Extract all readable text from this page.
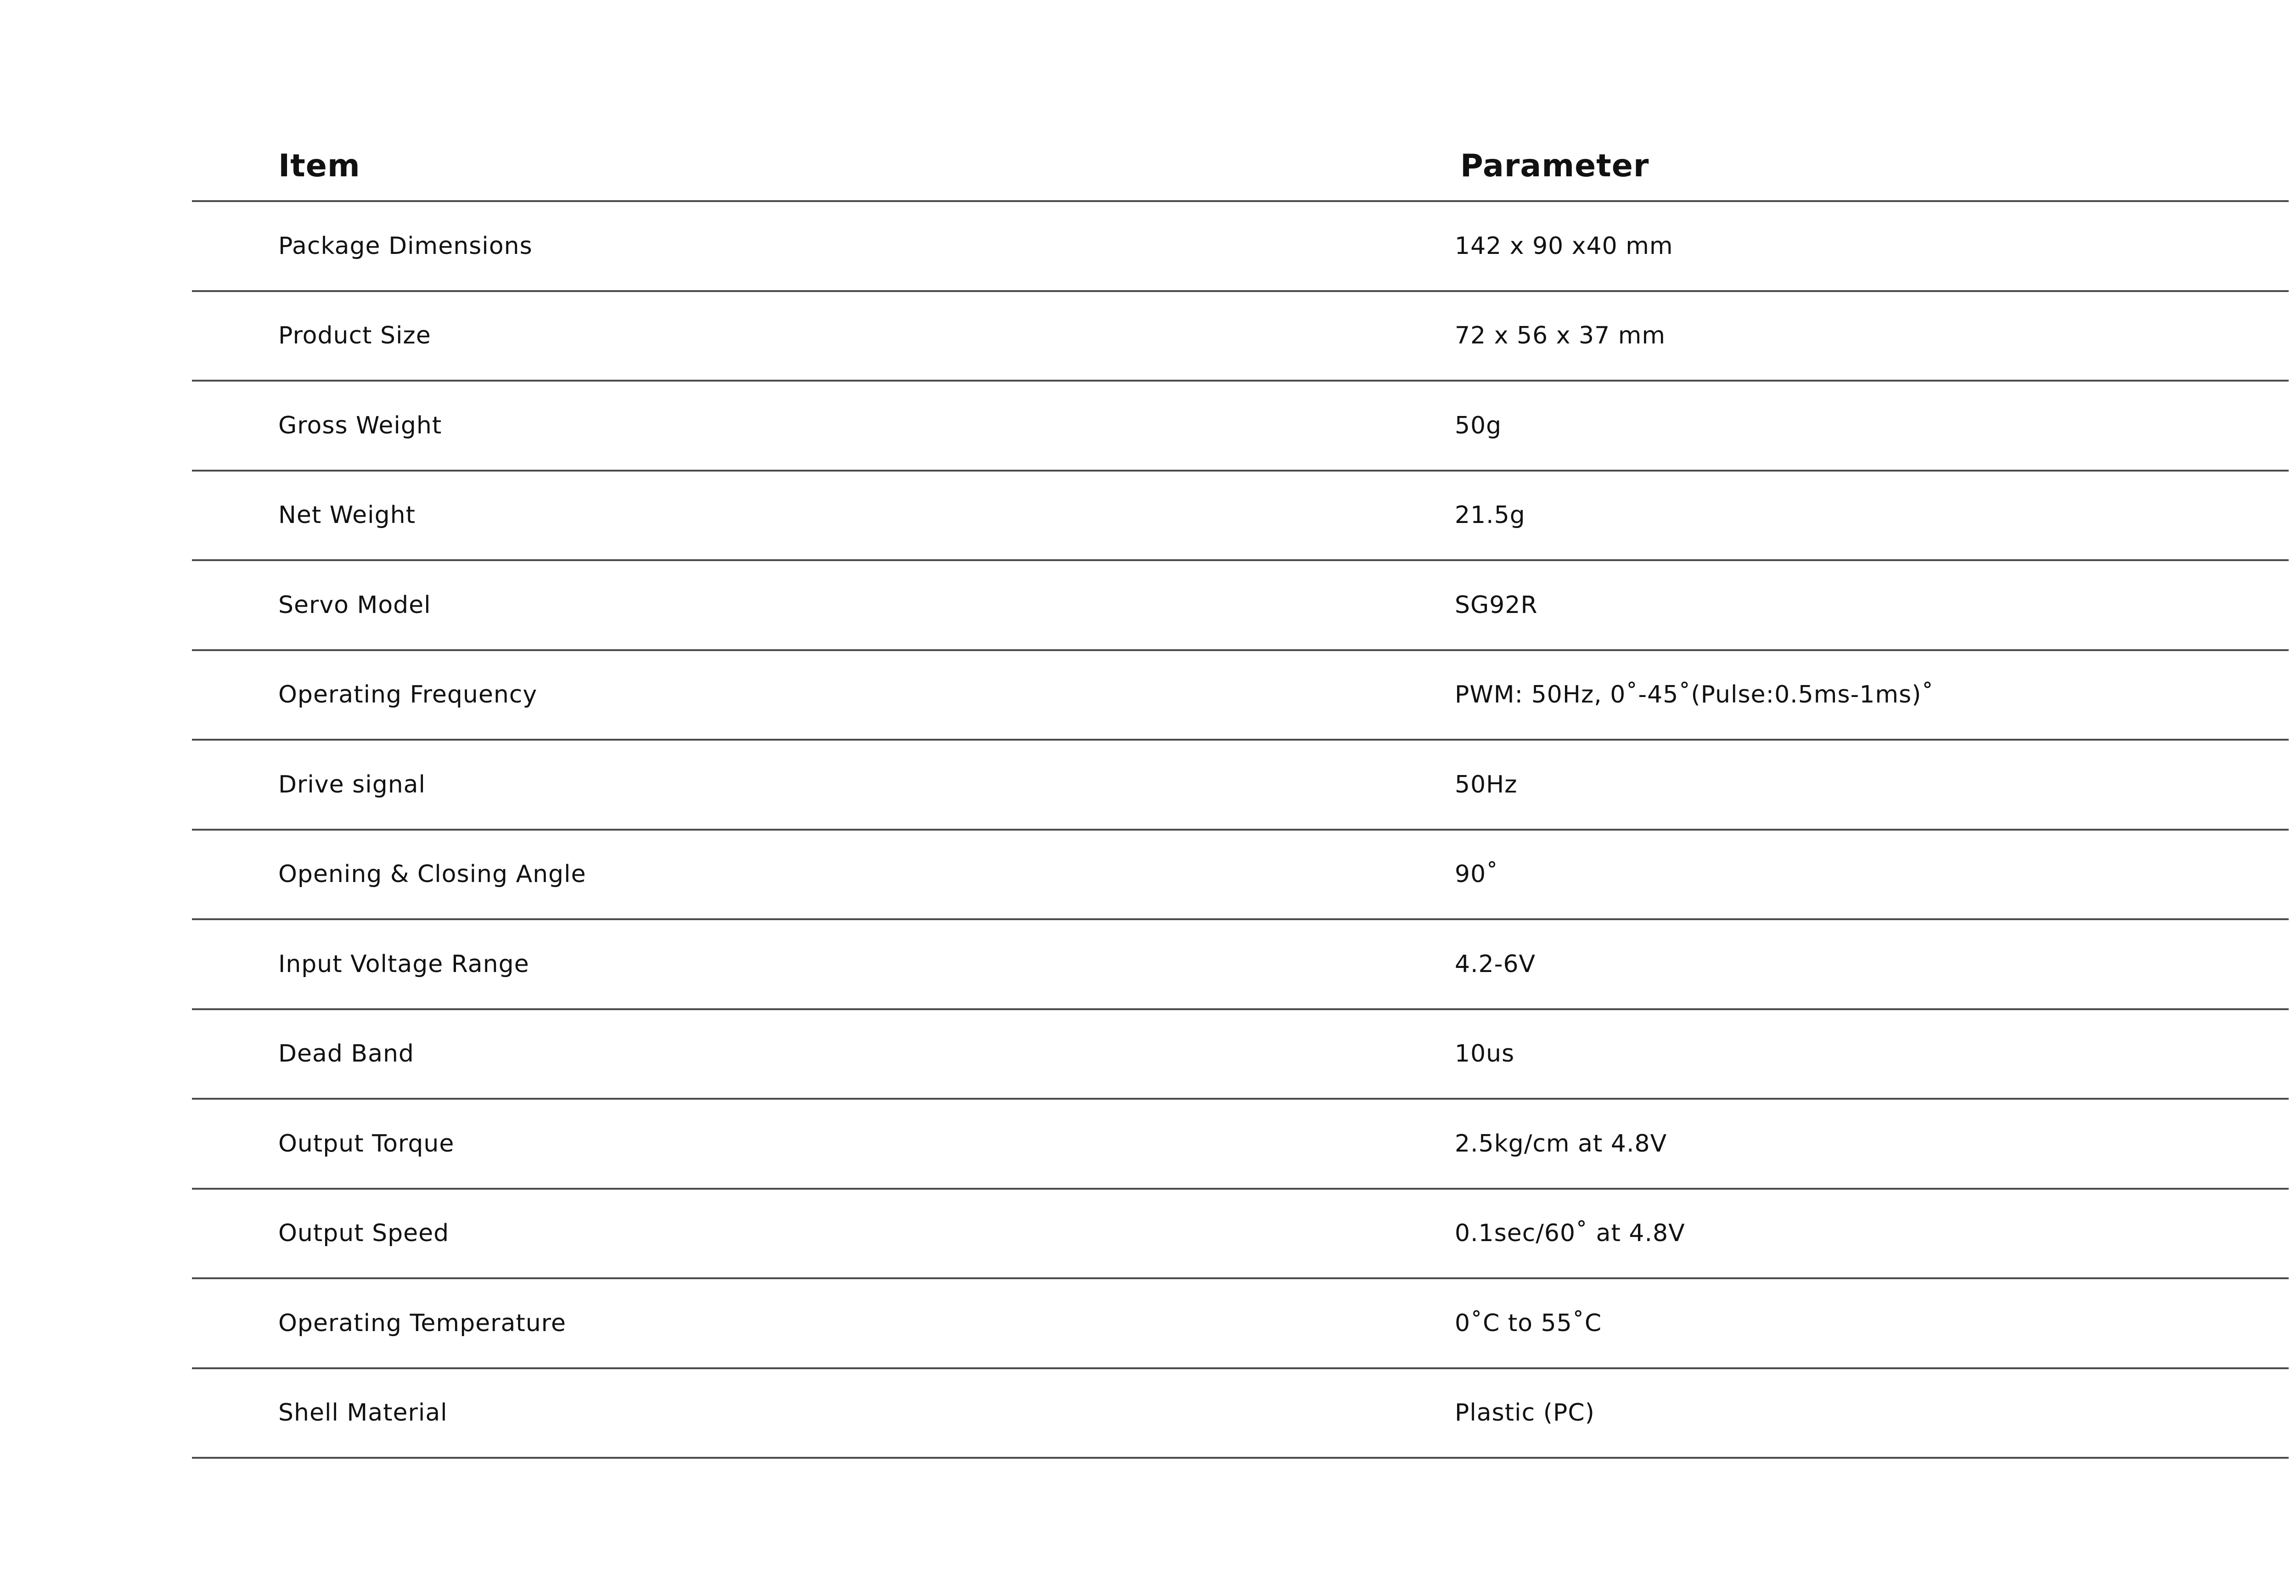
Item	Parameter
Package Dimensions	142 x 90 x40 mm
Product Size	72 x 56 x 37 mm
Gross Weight	50g
Net Weight	21.5g
Servo Model	SG92R
Operating Frequency	PWM: 50Hz, 0˚-45˚(Pulse:0.5ms-1ms)˚
Drive signal	50Hz
Opening & Closing Angle	90˚
Input Voltage Range	4.2-6V
Dead Band	10us
Output Torque	2.5kg/cm at 4.8V
Output Speed	0.1sec/60˚ at 4.8V
Operating Temperature	0˚C to 55˚C
Shell Material	Plastic (PC)
